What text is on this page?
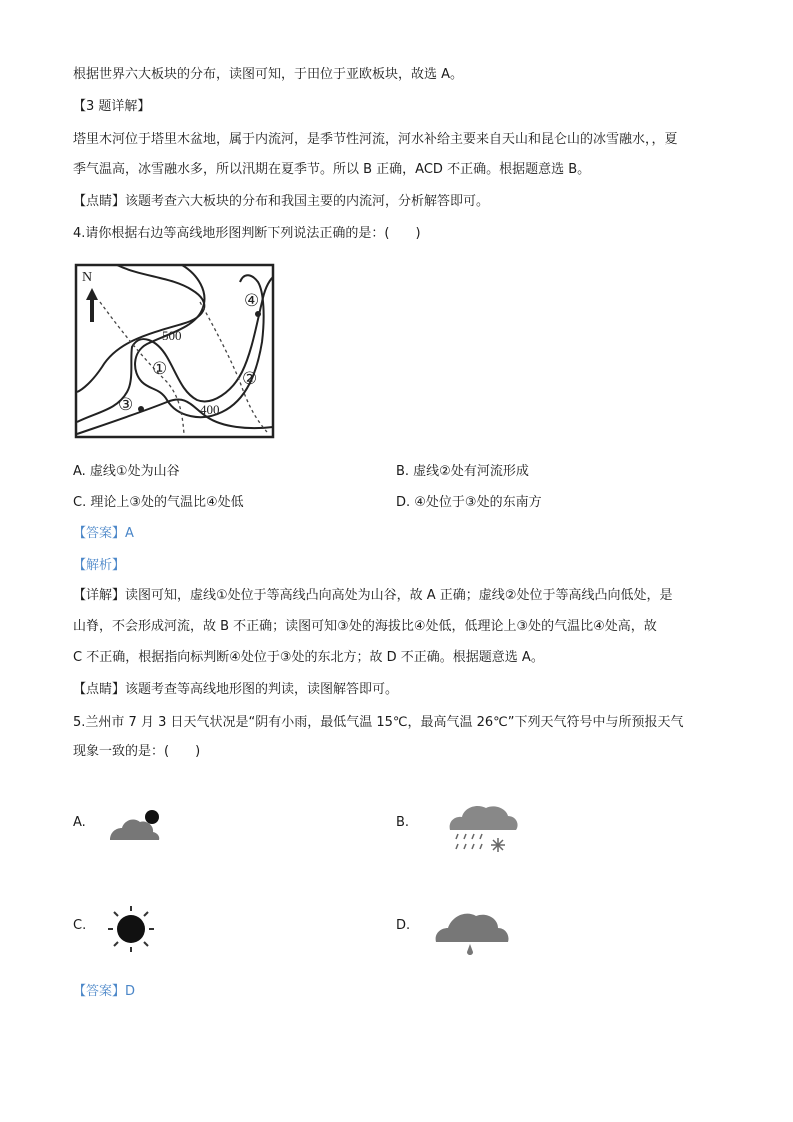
根据世界六大板块的分布，读图可知，于田位于亚欧板块，故选 A。
【3 题详解】
塔里木河位于塔里木盆地，属于内流河，是季节性河流，河水补给主要来自天山和昆仑山的冰雪融水，，夏
季气温高，冰雪融水多，所以汛期在夏季节。所以 B 正确，ACD 不正确。根据题意选 B。
【点睛】该题考查六大板块的分布和我国主要的内流河，分析解答即可。
4.请你根据右边等高线地形图判断下列说法正确的是：(　　)
N
500
400
①	②
③
④
A. 虚线①处为山谷	B. 虚线②处有河流形成
C. 理论上③处的气温比④处低	D. ④处位于③处的东南方
【答案】A
【解析】
【详解】读图可知，虚线①处位于等高线凸向高处为山谷，故 A 正确；虚线②处位于等高线凸向低处，是
山脊，不会形成河流，故 B 不正确；读图可知③处的海拔比④处低，低理论上③处的气温比④处高，故
C 不正确，根据指向标判断④处位于③处的东北方；故 D 不正确。根据题意选 A。
【点睛】该题考查等高线地形图的判读，读图解答即可。
5.兰州市 7 月 3 日天气状况是“阴有小雨，最低气温 15℃，最高气温 26℃”下列天气符号中与所预报天气
现象一致的是：(　　)
A.	B.
C.	D.
【答案】D
